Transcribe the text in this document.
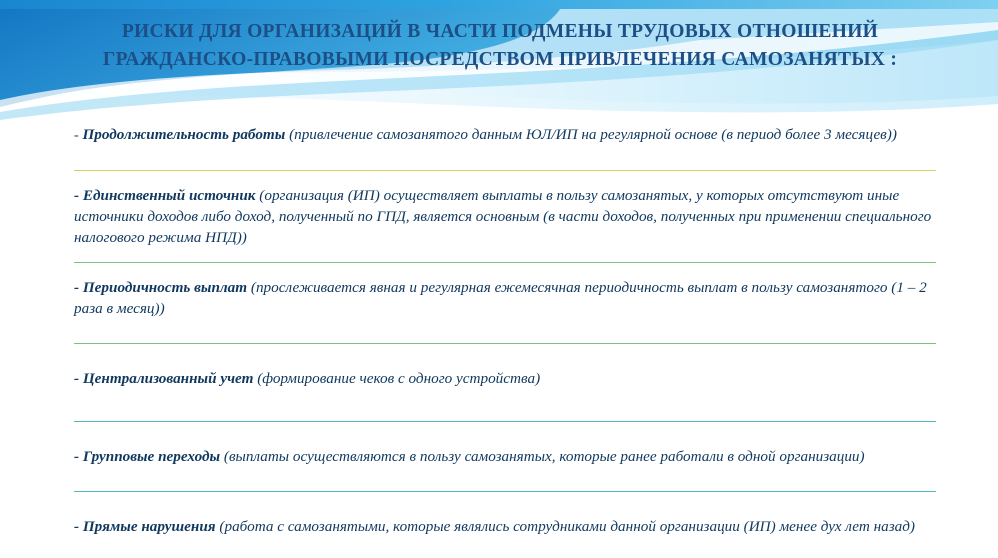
РИСКИ ДЛЯ ОРГАНИЗАЦИЙ В ЧАСТИ ПОДМЕНЫ ТРУДОВЫХ ОТНОШЕНИЙ ГРАЖДАНСКО-ПРАВОВЫМИ ПОСРЕДСТВОМ ПРИВЛЕЧЕНИЯ САМОЗАНЯТЫХ :

- Продолжительность работы (привлечение самозанятого данным ЮЛ/ИП на регулярной основе (в период более 3 месяцев))

- Единственный источник (организация (ИП) осуществляет выплаты в пользу самозанятых, у которых отсутствуют иные источники доходов либо доход, полученный по ГПД, является основным (в части доходов, полученных при применении специального налогового режима НПД))

- Периодичность выплат (прослеживается явная и регулярная ежемесячная периодичность выплат в пользу самозанятого (1 – 2 раза в месяц))

- Централизованный учет (формирование чеков с одного устройства)

- Групповые переходы (выплаты осуществляются в пользу самозанятых, которые ранее работали в одной организации)

- Прямые нарушения (работа с самозанятыми, которые являлись сотрудниками данной организации (ИП) менее дух лет назад)
